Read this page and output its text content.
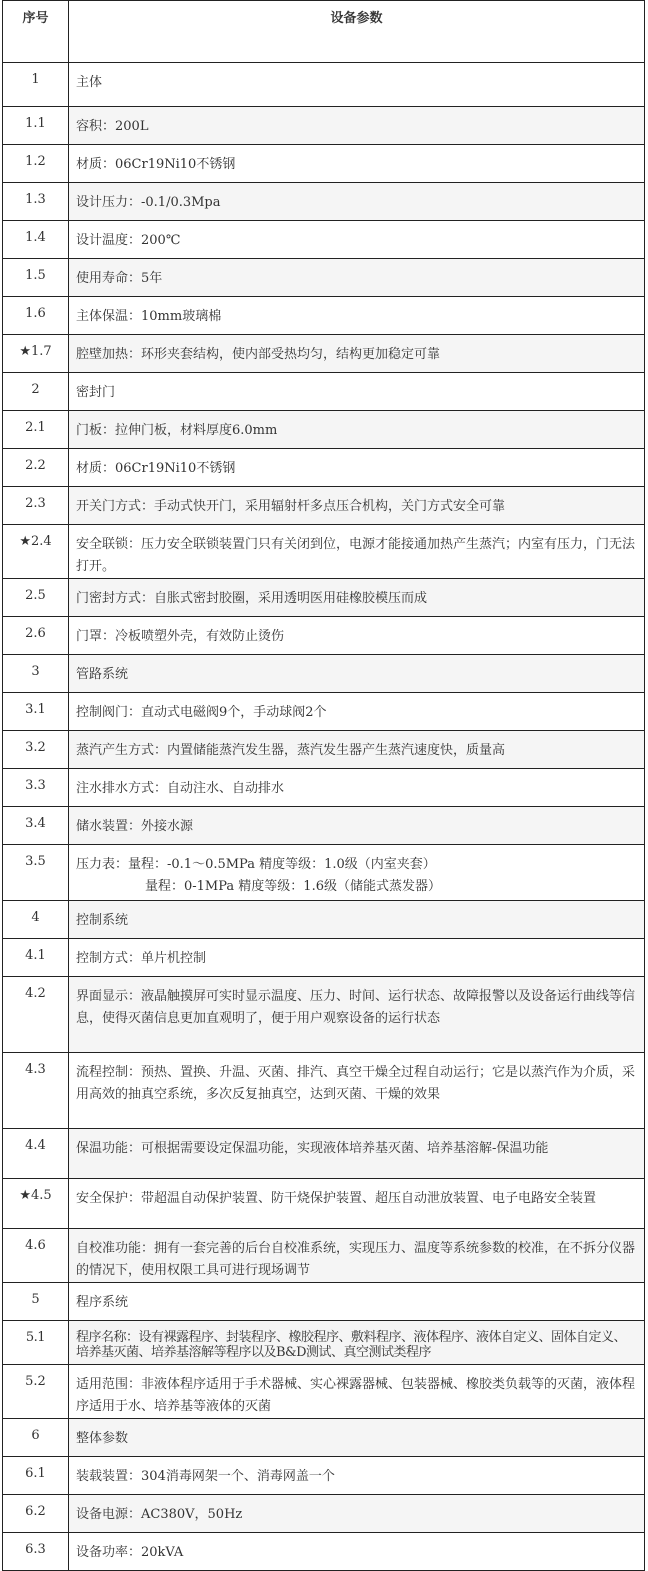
序号	设备参数

1	主体

1.1	容积：200L

1.2	材质：06Cr19Ni10不锈钢

1.3	设计压力：-0.1/0.3Mpa

1.4	设计温度：200℃

1.5	使用寿命：5年

1.6	主体保温：10mm玻璃棉

★1.7	腔壁加热：环形夹套结构，使内部受热均匀，结构更加稳定可靠

2	密封门

2.1	门板：拉伸门板，材料厚度6.0mm

2.2	材质：06Cr19Ni10不锈钢

2.3	开关门方式：手动式快开门，采用辐射杆多点压合机构，关门方式安全可靠

★2.4	安全联锁：压力安全联锁装置门只有关闭到位，电源才能接通加热产生蒸汽；内室有压力，门无法打开。

2.5	门密封方式：自胀式密封胶圈，采用透明医用硅橡胶模压而成

2.6	门罩：冷板喷塑外壳，有效防止烫伤

3	管路系统

3.1	控制阀门：直动式电磁阀9个，手动球阀2个

3.2	蒸汽产生方式：内置储能蒸汽发生器，蒸汽发生器产生蒸汽速度快，质量高

3.3	注水排水方式：自动注水、自动排水

3.4	储水装置：外接水源

3.5	压力表：量程：-0.1～0.5MPa 精度等级：1.0级（内室夹套）
量程：0-1MPa 精度等级：1.6级（储能式蒸发器）

4	控制系统

4.1	控制方式：单片机控制

4.2	界面显示：液晶触摸屏可实时显示温度、压力、时间、运行状态、故障报警以及设备运行曲线等信息，使得灭菌信息更加直观明了，便于用户观察设备的运行状态

4.3	流程控制：预热、置换、升温、灭菌、排汽、真空干燥全过程自动运行；它是以蒸汽作为介质，采用高效的抽真空系统，多次反复抽真空，达到灭菌、干燥的效果

4.4	保温功能：可根据需要设定保温功能，实现液体培养基灭菌、培养基溶解-保温功能

★4.5	安全保护：带超温自动保护装置、防干烧保护装置、超压自动泄放装置、电子电路安全装置

4.6	自校准功能：拥有一套完善的后台自校准系统，实现压力、温度等系统参数的校准，在不拆分仪器的情况下，使用权限工具可进行现场调节

5	程序系统

5.1	程序名称：设有裸露程序、封装程序、橡胶程序、敷料程序、液体程序、液体自定义、固体自定义、培养基灭菌、培养基溶解等程序以及B&D测试、真空测试类程序

5.2	适用范围：非液体程序适用于手术器械、实心裸露器械、包装器械、橡胶类负载等的灭菌，液体程序适用于水、培养基等液体的灭菌

6	整体参数

6.1	装载装置：304消毒网架一个、消毒网盖一个

6.2	设备电源：AC380V，50Hz

6.3	设备功率：20kVA
